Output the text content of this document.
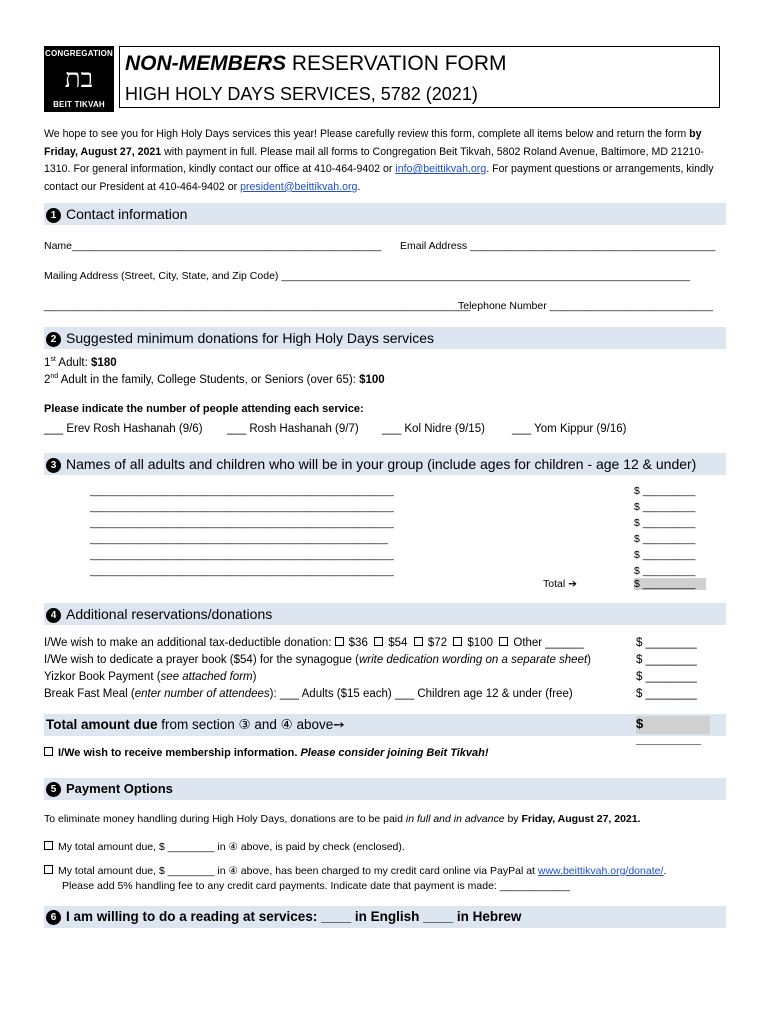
CONGREGATION
בת
BEIT TIKVAH
NON-MEMBERS RESERVATION FORM
HIGH HOLY DAYS SERVICES, 5782 (2021)
We hope to see you for High Holy Days services this year! Please carefully review this form, complete all items below and return the form by Friday, August 27, 2021 with payment in full. Please mail all forms to Congregation Beit Tikvah, 5802 Roland Avenue, Baltimore, MD 21210-1310. For general information, kindly contact our office at 410-464-9402 or info@beittikvah.org. For payment questions or arrangements, kindly contact our President at 410-464-9402 or president@beittikvah.org.
1 Contact information
Name_____________________________________________________ Email Address __________________________________________
Mailing Address (Street, City, State, and Zip Code) ______________________________________________________________________
_________________________________________________________________________
Telephone Number ____________________________
2 Suggested minimum donations for High Holy Days services
1st Adult: $180
2nd Adult in the family, College Students, or Seniors (over 65): $100
Please indicate the number of people attending each service:
___ Erev Rosh Hashanah (9/6) ___ Rosh Hashanah (9/7) ___ Kol Nidre (9/15) ___ Yom Kippur (9/16)
3 Names of all adults and children who will be in your group (include ages for children - age 12 & under)
____________________________________________________
____________________________________________________
____________________________________________________
___________________________________________________
____________________________________________________
____________________________________________________
$ _________
$ _________
$ _________
$ _________
$ _________
$ _________
Total ➔	$ _________
4 Additional reservations/donations
I/We wish to make an additional tax-deductible donation: $36 $54 $72 $100 Other ______
I/We wish to dedicate a prayer book ($54) for the synagogue (write dedication wording on a separate sheet)
Yizkor Book Payment (see attached form)
Break Fast Meal (enter number of attendees): ___ Adults ($15 each) ___ Children age 12 & under (free)
$ ________
$ ________
$ ________
$ ________
Total amount due from section ③ and ④ above➙	$ _________
I/We wish to receive membership information. Please consider joining Beit Tikvah!
5 Payment Options
To eliminate money handling during High Holy Days, donations are to be paid in full and in advance by Friday, August 27, 2021.
My total amount due, $ ________ in ④ above, is paid by check (enclosed).
My total amount due, $ ________ in ④ above, has been charged to my credit card online via PayPal at www.beittikvah.org/donate/.
Please add 5% handling fee to any credit card payments. Indicate date that payment is made: ____________
6 I am willing to do a reading at services: ____ in English ____ in Hebrew
